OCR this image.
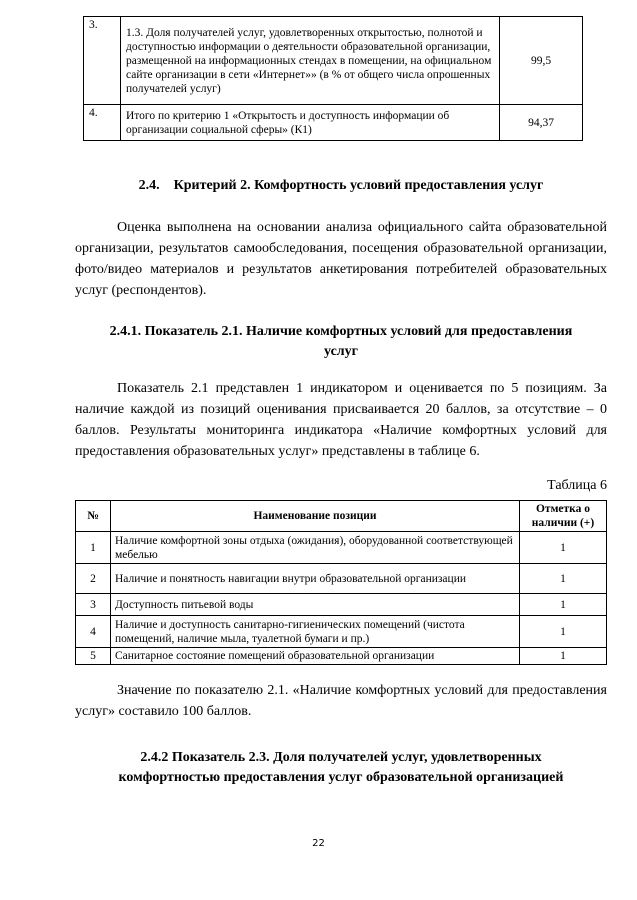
3.	1.3. Доля получателей услуг, удовлетворенных открытостью, полнотой и доступностью информации о деятельности образовательной организации, размещенной на информационных стендах в помещении, на официальном сайте организации в сети «Интернет»» (в % от общего числа опрошенных получателей услуг)	99,5
4.	Итого по критерию 1 «Открытость и доступность информации об организации социальной сферы» (К1)	94,37
2.4.    Критерий 2. Комфортность условий предоставления услуг
Оценка выполнена на основании анализа официального сайта образовательной организации, результатов самообследования, посещения образовательной организации, фото/видео материалов и результатов анкетирования потребителей образовательных услуг (респондентов).
2.4.1. Показатель 2.1. Наличие комфортных условий для предоставления
услуг
Показатель 2.1 представлен 1 индикатором и оценивается по 5 позициям. За наличие каждой из позиций оценивания присваивается 20 баллов, за отсутствие – 0 баллов. Результаты мониторинга индикатора «Наличие комфортных условий для предоставления образовательных услуг» представлены в таблице 6.
Таблица 6
№	Наименование позиции	Отметка о наличии (+)
1	Наличие комфортной зоны отдыха (ожидания), оборудованной соответствующей мебелью	1
2	Наличие и понятность навигации внутри образовательной организации	1
3	Доступность питьевой воды	1
4	Наличие и доступность санитарно-гигиенических помещений (чистота помещений, наличие мыла, туалетной бумаги и пр.)	1
5	Санитарное состояние помещений образовательной организации	1
Значение по показателю 2.1. «Наличие комфортных условий для предоставления услуг» составило 100 баллов.
2.4.2 Показатель 2.3. Доля получателей услуг, удовлетворенных
комфортностью предоставления услуг образовательной организацией
22
